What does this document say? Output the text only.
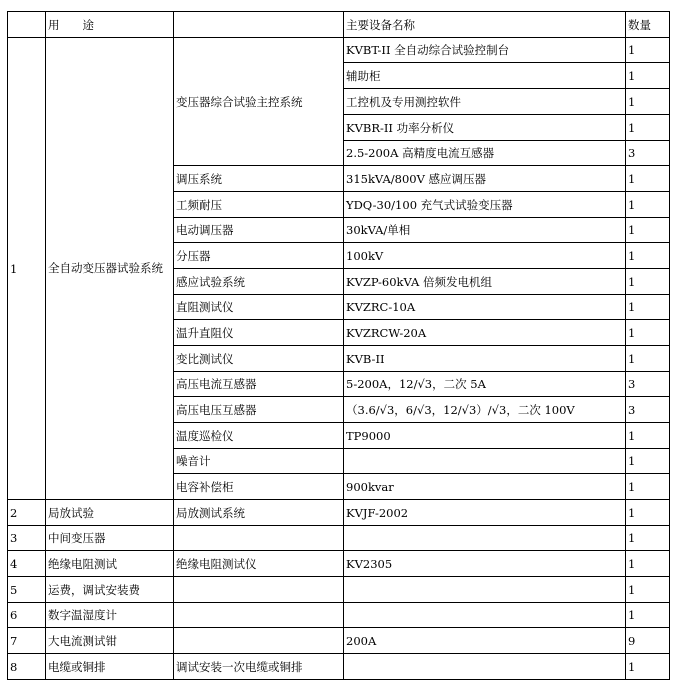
	用　　途		主要设备名称	数量
1	全自动变压器试验系统	变压器综合试验主控系统	KVBT-II 全自动综合试验控制台	1
			辅助柜	1
			工控机及专用测控软件	1
			KVBR-II 功率分析仪	1
			2.5-200A 高精度电流互感器	3
		调压系统	315kVA/800V 感应调压器	1
		工频耐压	YDQ-30/100 充气式试验变压器	1
		电动调压器	30kVA/单相	1
		分压器	100kV	1
		感应试验系统	KVZP-60kVA 倍频发电机组	1
		直阻测试仪	KVZRC-10A	1
		温升直阻仪	KVZRCW-20A	1
		变比测试仪	KVB-II	1
		高压电流互感器	5-200A，12/√3，二次 5A	3
		高压电压互感器	（3.6/√3，6/√3，12/√3）/√3，二次 100V	3
		温度巡检仪	TP9000	1
		噪音计		1
		电容补偿柜	900kvar	1
2	局放试验	局放测试系统	KVJF-2002	1
3	中间变压器			1
4	绝缘电阻测试	绝缘电阻测试仪	KV2305	1
5	运费，调试安装费			1
6	数字温湿度计			1
7	大电流测试钳		200A	9
8	电缆或铜排	调试安装一次电缆或铜排		1
